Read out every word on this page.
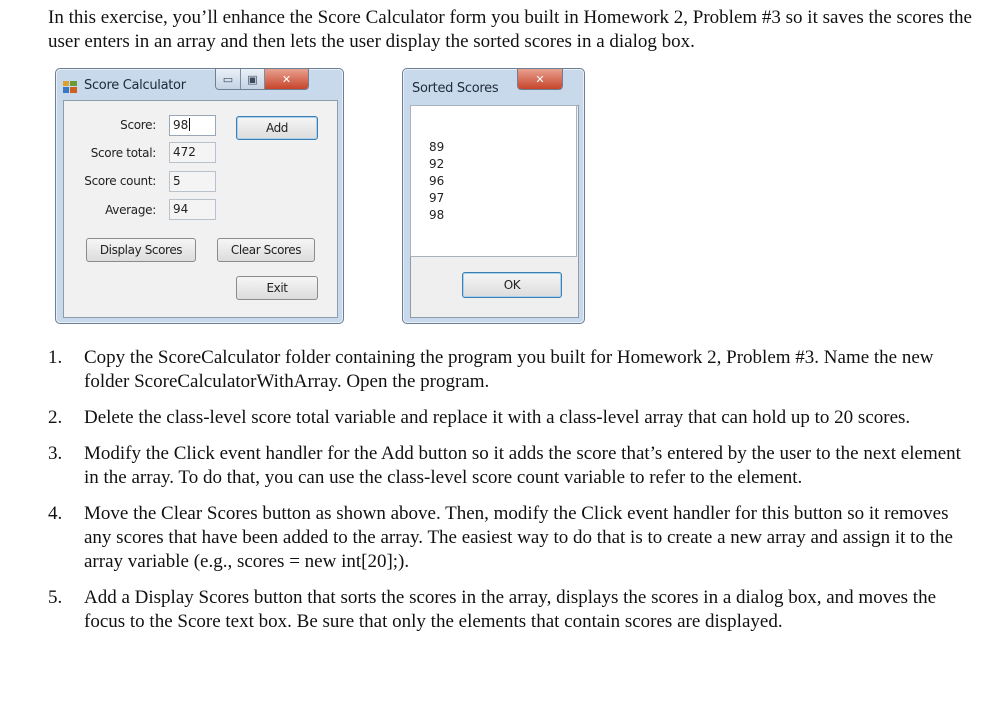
In this exercise, you’ll enhance the Score Calculator form you built in Homework 2, Problem #3 so it saves the scores the user enters in an array and then lets the user display the sorted scores in a dialog box.

Score Calculator	▭	▣	✕
Score:	98
Score total:	472
Score count:	5
Average:	94
Add
Display Scores	Clear Scores
Exit
Sorted Scores
✕
89
92
96
97
98
OK
1. Copy the ScoreCalculator folder containing the program you built for Homework 2, Problem #3. Name the new folder ScoreCalculatorWithArray. Open the program.
2. Delete the class-level score total variable and replace it with a class-level array that can hold up to 20 scores.
3. Modify the Click event handler for the Add button so it adds the score that’s entered by the user to the next element in the array. To do that, you can use the class-level score count variable to refer to the element.
4. Move the Clear Scores button as shown above. Then, modify the Click event handler for this button so it removes any scores that have been added to the array. The easiest way to do that is to create a new array and assign it to the array variable (e.g., scores = new int[20];).
5. Add a Display Scores button that sorts the scores in the array, displays the scores in a dialog box, and moves the focus to the Score text box. Be sure that only the elements that contain scores are displayed.
